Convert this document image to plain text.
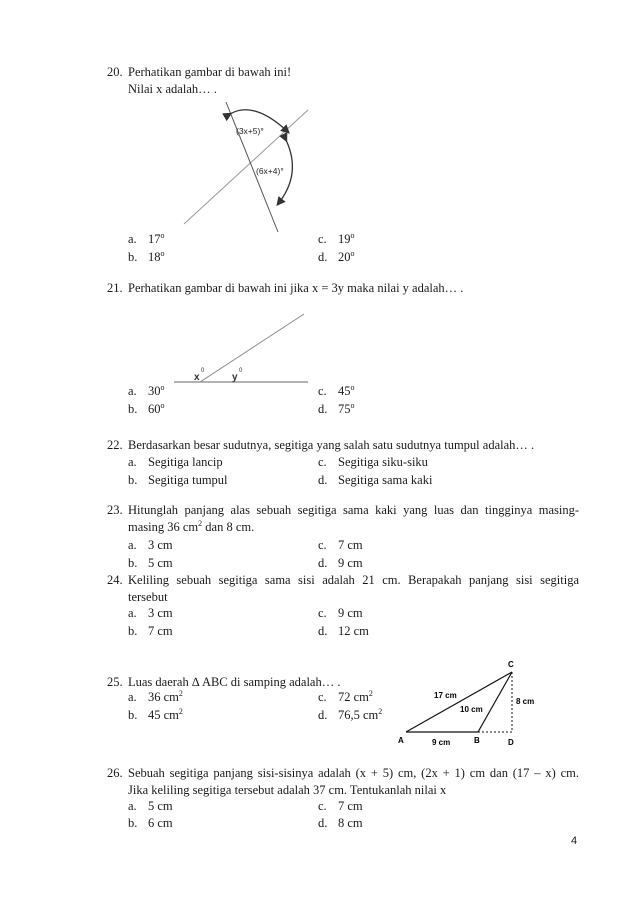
20. Perhatikan gambar di bawah ini!
Nilai x adalah… .
(3x+5)°
(6x+4)°
a. 17$^o$	c. 19$^o$
b. 18$^o$	d. 20$^o$
21. Perhatikan gambar di bawah ini jika x = 3y maka nilai y adalah… .
x
0
y
0
a. 30$^o$	c. 45$^o$
b. 60$^o$	d. 75$^o$
22. Berdasarkan besar sudutnya, segitiga yang salah satu sudutnya tumpul adalah… .
a. Segitiga lancip	c. Segitiga siku-siku
b. Segitiga tumpul	d. Segitiga sama kaki
23. Hitunglah panjang alas sebuah segitiga sama kaki yang luas dan tingginya masing-
masing 36 $cm^2$ dan 8 cm.
a. 3 cm	c. 7 cm
b. 5 cm	d. 9 cm
24. Keliling sebuah segitiga sama sisi adalah 21 cm. Berapakah panjang sisi segitiga
tersebut
a. 3 cm	c. 9 cm
b. 7 cm	d. 12 cm
25. Luas daerah ∆ ABC di samping adalah… .
a. 36 $cm^2$	c. 72 $cm^2$
b. 45 $cm^2$	d. 76,5 $cm^2$
C
17 cm
10 cm
8 cm
A	9 cm	B	D
26. Sebuah segitiga panjang sisi-sisinya adalah (x + 5) cm, (2x + 1) cm dan (17 – x) cm.
Jika keliling segitiga tersebut adalah 37 cm. Tentukanlah nilai x
a. 5 cm	c. 7 cm
b. 6 cm	d. 8 cm
4
